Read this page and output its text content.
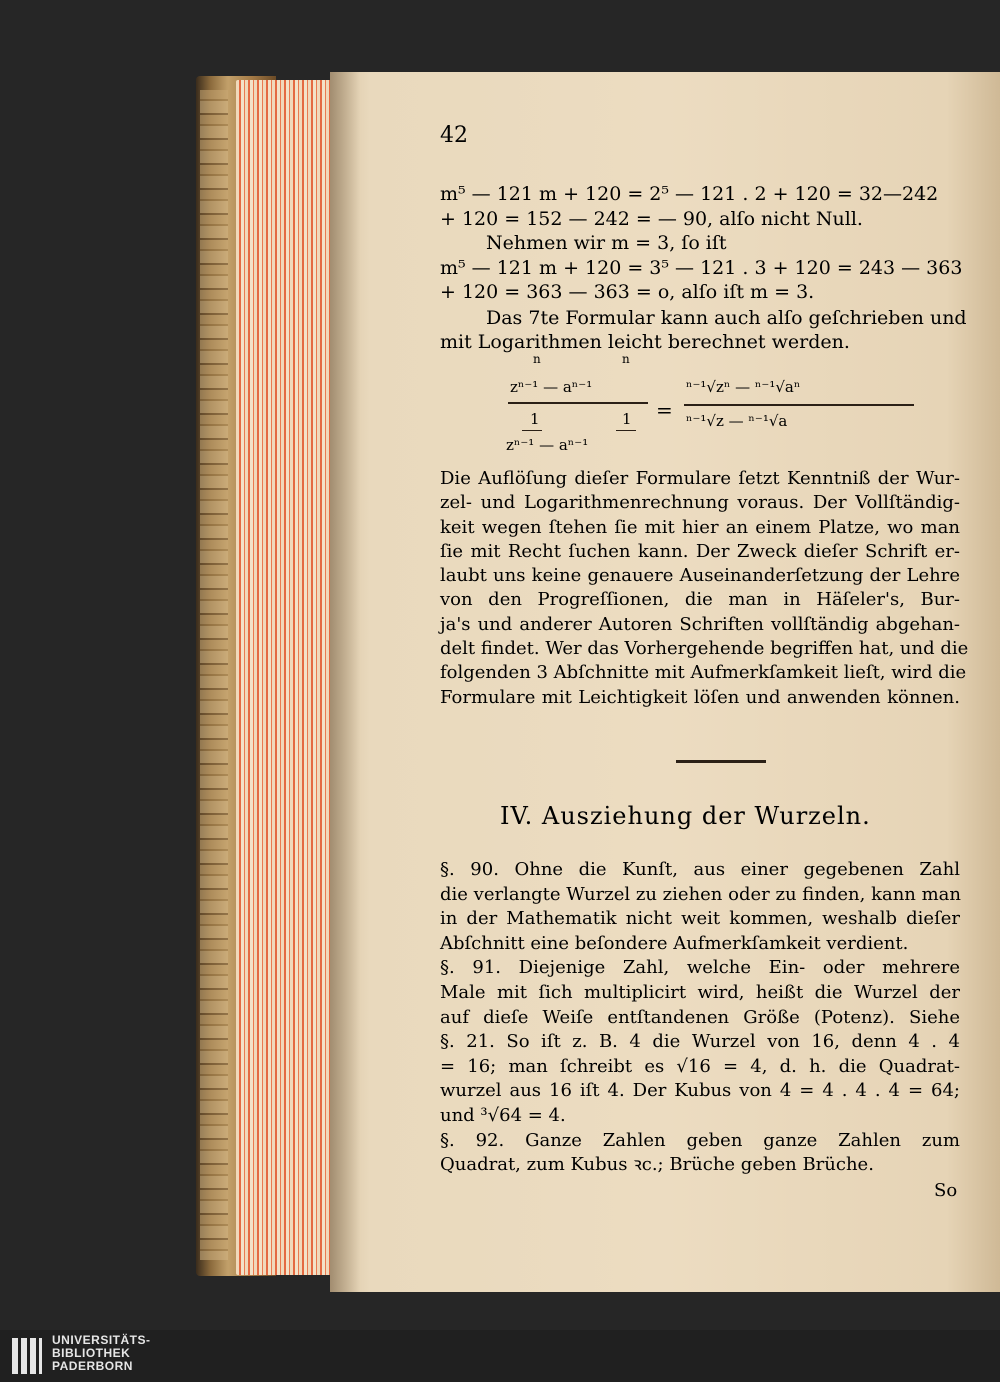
42
m⁵ — 121 m + 120 = 2⁵ — 121 . 2 + 120 = 32—242
+ 120 = 152 — 242 = — 90, alſo nicht Null.
Nehmen wir m = 3, ſo iſt
m⁵ — 121 m + 120 = 3⁵ — 121 . 3 + 120 = 243 — 363
+ 120 = 363 — 363 = o, alſo iſt m = 3.
Das 7te Formular kann auch alſo geſchrieben und
mit Logarithmen leicht berechnet werden.
n	n
zⁿ⁻¹ — aⁿ⁻¹
1	1
zⁿ⁻¹ — aⁿ⁻¹
=
ⁿ⁻¹√zⁿ — ⁿ⁻¹√aⁿ
ⁿ⁻¹√z — ⁿ⁻¹√a
Die Auflöſung dieſer Formulare ſetzt Kenntniß der Wur-
zel- und Logarithmenrechnung voraus. Der Vollſtändig-
keit wegen ſtehen ſie mit hier an einem Platze, wo man
ſie mit Recht ſuchen kann. Der Zweck dieſer Schrift er-
laubt uns keine genauere Auseinanderſetzung der Lehre
von den Progreſſionen, die man in Häſeler's, Bur-
ja's und anderer Autoren Schriften vollſtändig abgehan-
delt findet. Wer das Vorhergehende begriffen hat, und die
folgenden 3 Abſchnitte mit Aufmerkſamkeit lieſt, wird die
Formulare mit Leichtigkeit löſen und anwenden können.
IV. Ausziehung der Wurzeln.
§. 90. Ohne die Kunſt, aus einer gegebenen Zahl
die verlangte Wurzel zu ziehen oder zu finden, kann man
in der Mathematik nicht weit kommen, weshalb dieſer
Abſchnitt eine beſondere Aufmerkſamkeit verdient.
§. 91. Diejenige Zahl, welche Ein- oder mehrere
Male mit ſich multiplicirt wird, heißt die Wurzel der
auf dieſe Weiſe entſtandenen Größe (Potenz). Siehe
§. 21. So iſt z. B. 4 die Wurzel von 16, denn 4 . 4
= 16; man ſchreibt es √16 = 4, d. h. die Quadrat-
wurzel aus 16 iſt 4. Der Kubus von 4 = 4 . 4 . 4 = 64;
und ³√64 = 4.
§. 92. Ganze Zahlen geben ganze Zahlen zum
Quadrat, zum Kubus ꝛc.; Brüche geben Brüche.
So
UNIVERSITÄTS-
BIBLIOTHEK
PADERBORN
